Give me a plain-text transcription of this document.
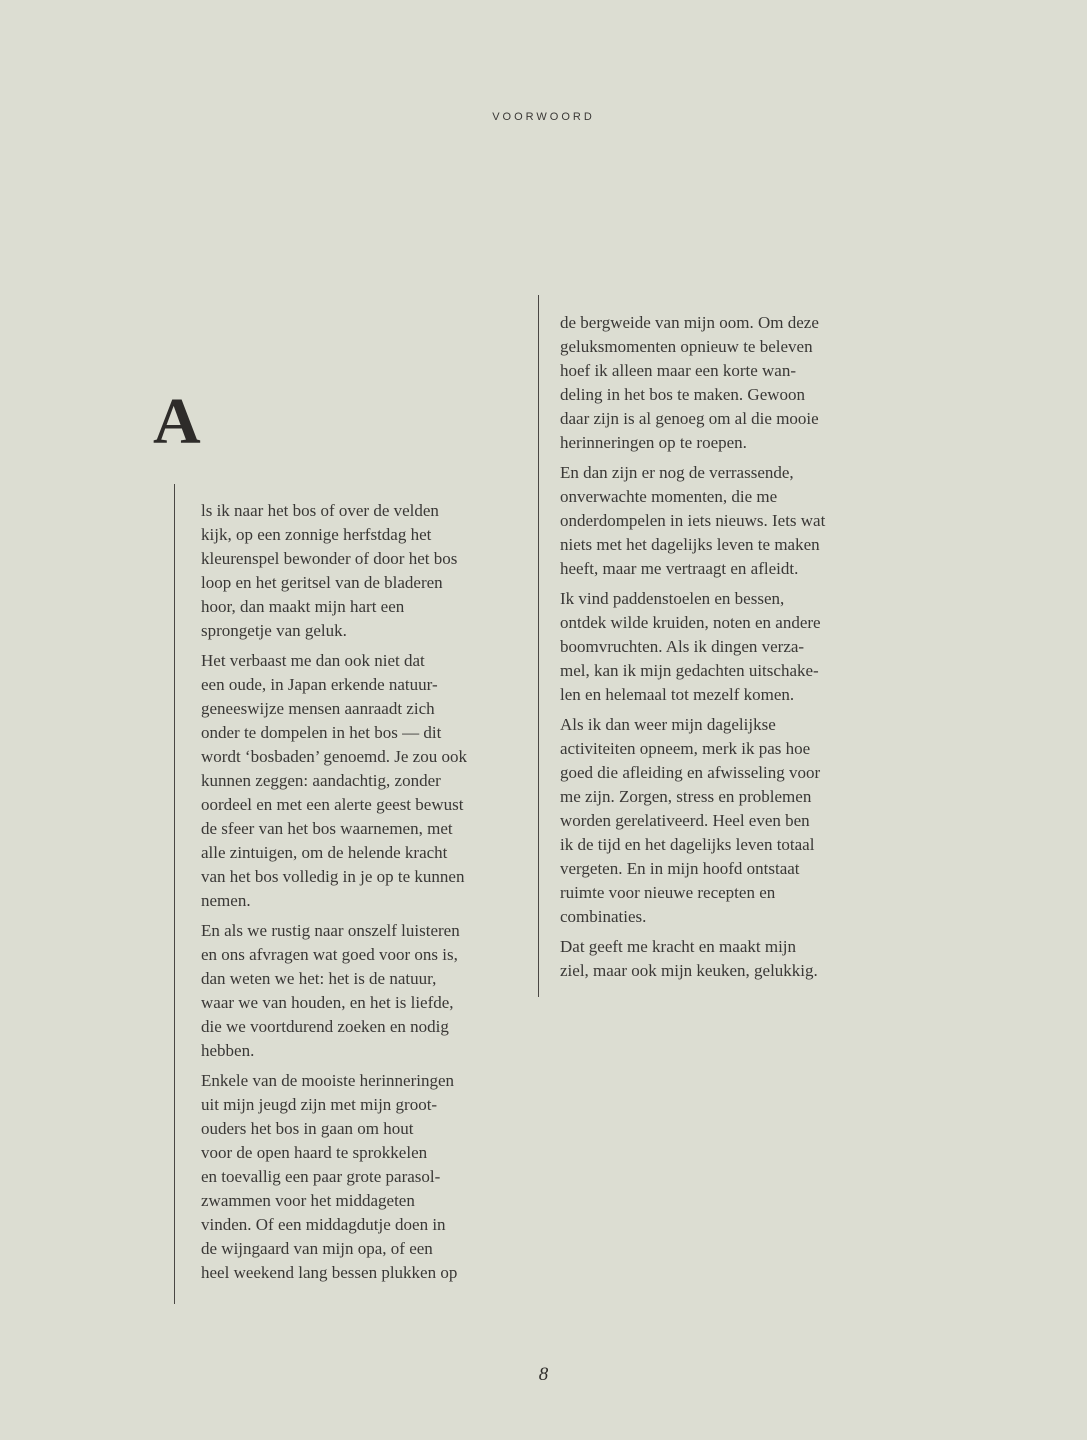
VOORWOORD
A

ls ik naar het bos of over de velden
kijk, op een zonnige herfstdag het
kleurenspel bewonder of door het bos
loop en het geritsel van de bladeren
hoor, dan maakt mijn hart een
sprongetje van geluk.

Het verbaast me dan ook niet dat
een oude, in Japan erkende natuur-
geneeswijze mensen aanraadt zich
onder te dompelen in het bos — dit
wordt ‘bosbaden’ genoemd. Je zou ook
kunnen zeggen: aandachtig, zonder
oordeel en met een alerte geest bewust
de sfeer van het bos waarnemen, met
alle zintuigen, om de helende kracht
van het bos volledig in je op te kunnen
nemen.

En als we rustig naar onszelf luisteren
en ons afvragen wat goed voor ons is,
dan weten we het: het is de natuur,
waar we van houden, en het is liefde,
die we voortdurend zoeken en nodig
hebben.

Enkele van de mooiste herinneringen
uit mijn jeugd zijn met mijn groot-
ouders het bos in gaan om hout
voor de open haard te sprokkelen
en toevallig een paar grote parasol-
zwammen voor het middageten
vinden. Of een middagdutje doen in
de wijngaard van mijn opa, of een
heel weekend lang bessen plukken op

de bergweide van mijn oom. Om deze
geluksmomenten opnieuw te beleven
hoef ik alleen maar een korte wan-
deling in het bos te maken. Gewoon
daar zijn is al genoeg om al die mooie
herinneringen op te roepen.

En dan zijn er nog de verrassende,
onverwachte momenten, die me
onderdompelen in iets nieuws. Iets wat
niets met het dagelijks leven te maken
heeft, maar me vertraagt en afleidt.

Ik vind paddenstoelen en bessen,
ontdek wilde kruiden, noten en andere
boomvruchten. Als ik dingen verza-
mel, kan ik mijn gedachten uitschake-
len en helemaal tot mezelf komen.

Als ik dan weer mijn dagelijkse
activiteiten opneem, merk ik pas hoe
goed die afleiding en afwisseling voor
me zijn. Zorgen, stress en problemen
worden gerelativeerd. Heel even ben
ik de tijd en het dagelijks leven totaal
vergeten. En in mijn hoofd ontstaat
ruimte voor nieuwe recepten en
combinaties.

Dat geeft me kracht en maakt mijn
ziel, maar ook mijn keuken, gelukkig.

8
